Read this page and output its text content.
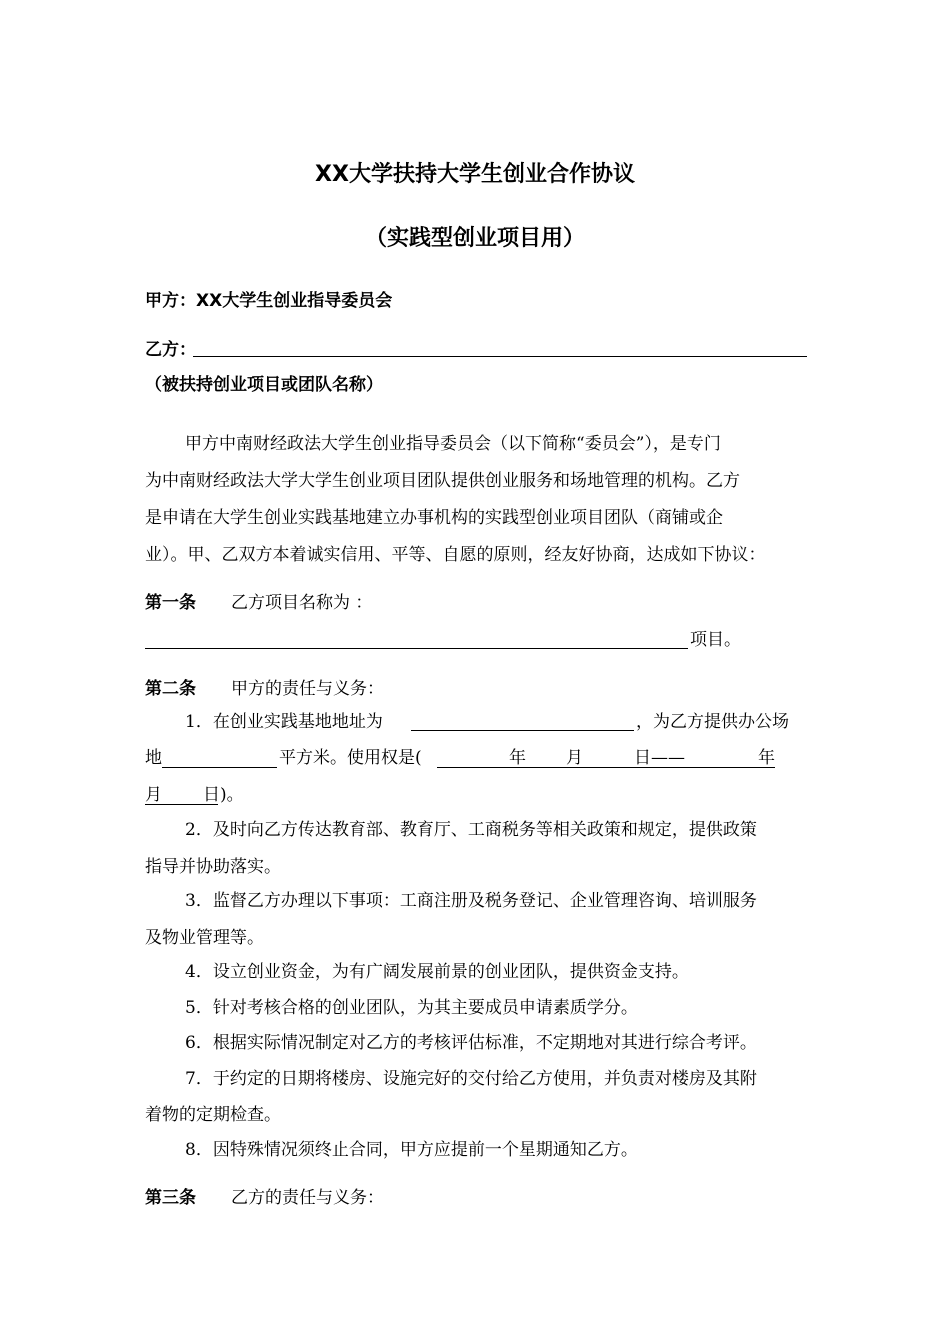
XX大学扶持大学生创业合作协议
（实践型创业项目用）
甲方：XX大学生创业指导委员会
乙方：
（被扶持创业项目或团队名称）
甲方中南财经政法大学生创业指导委员会（以下简称“委员会”），是专门
为中南财经政法大学大学生创业项目团队提供创业服务和场地管理的机构。乙方
是申请在大学生创业实践基地建立办事机构的实践型创业项目团队（商铺或企
业）。甲、乙双方本着诚实信用、平等、自愿的原则，经友好协商，达成如下协议：
第一条 乙方项目名称为 ：
项目。
第二条 甲方的责任与义务：
1．在创业实践基地地址为	，为乙方提供办公场
地	平方米。使用权是(	年 月	日——	年
月 日)。
2．及时向乙方传达教育部、教育厅、工商税务等相关政策和规定，提供政策
指导并协助落实。
3．监督乙方办理以下事项：工商注册及税务登记、企业管理咨询、培训服务
及物业管理等。
4．设立创业资金，为有广阔发展前景的创业团队，提供资金支持。
5．针对考核合格的创业团队，为其主要成员申请素质学分。
6．根据实际情况制定对乙方的考核评估标准，不定期地对其进行综合考评。
7．于约定的日期将楼房、设施完好的交付给乙方使用，并负责对楼房及其附
着物的定期检查。
8．因特殊情况须终止合同，甲方应提前一个星期通知乙方。
第三条 乙方的责任与义务：
